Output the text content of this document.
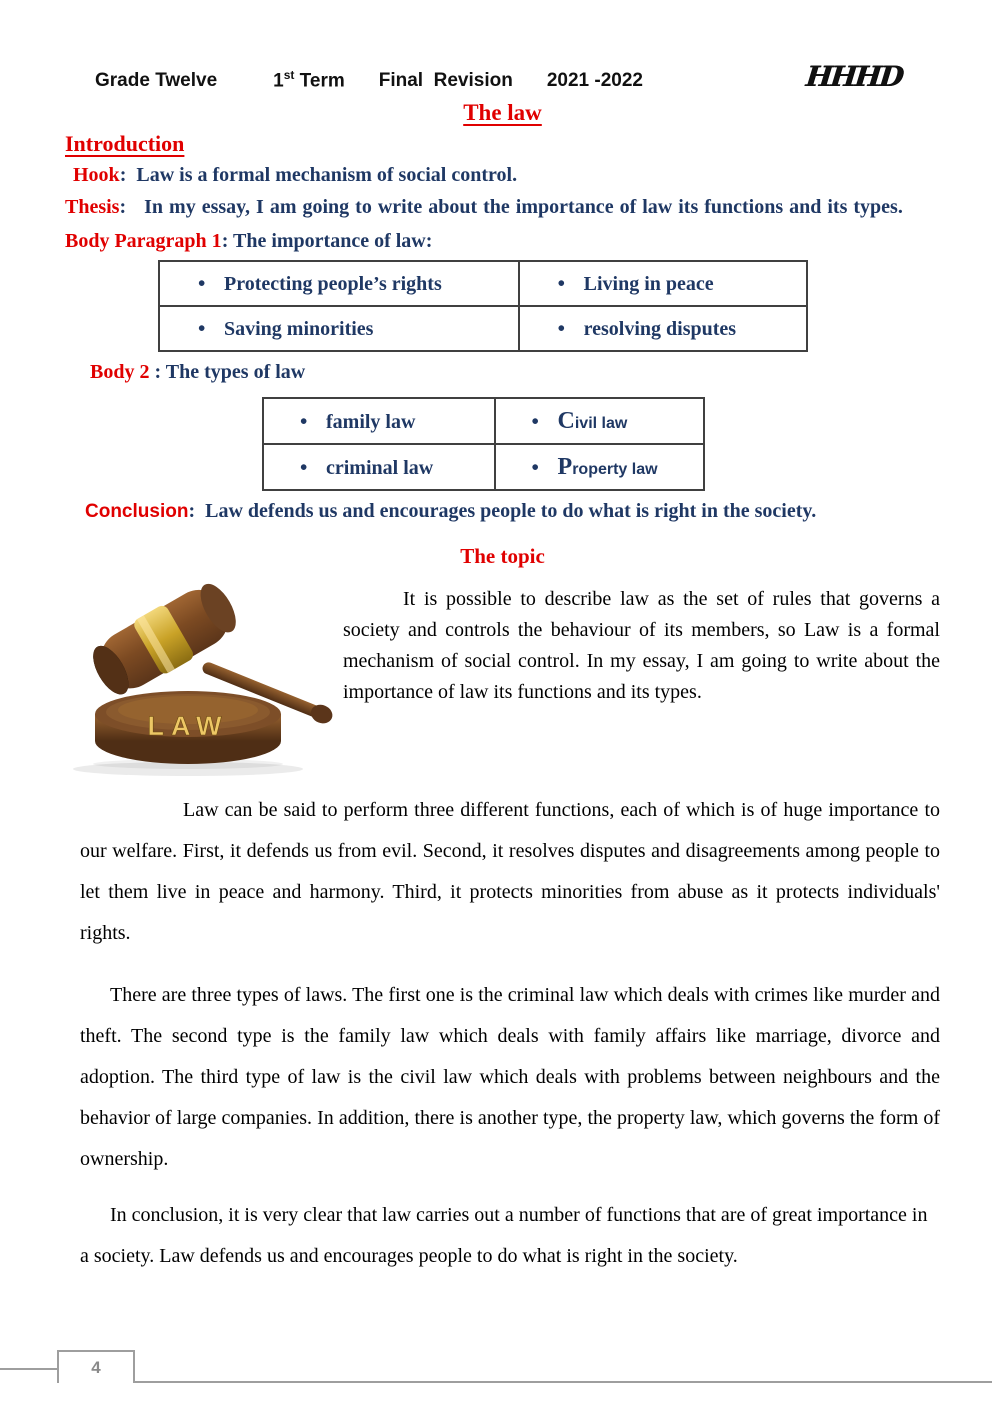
Grade Twelve	1st Term Final  Revision 2021 -2022	HHHD
The law
Introduction
Hook:  Law is a formal mechanism of social control.
Thesis:   In my essay, I am going to write about the importance of law its functions and its types.
Body Paragraph 1: The importance of law:
• Protecting people’s rights	• Living in peace
• Saving minorities	• resolving disputes
Body 2 : The types of law
• family law	• Civil law
• criminal law	• Property law
Conclusion:  Law defends us and encourages people to do what is right in the society.
The topic
LAW

It is possible to describe law as the set of rules that governs a society and controls the behaviour of its members, so Law is a formal mechanism of social control. In my essay, I am going to write about the importance of law its functions and its types.

Law can be said to perform three different functions, each of which is of huge importance to our welfare. First, it defends us from evil. Second, it resolves disputes and disagreements among people to let them live in peace and harmony. Third, it protects minorities from abuse as it protects individuals' rights.

There are three types of laws. The first one is the criminal law which deals with crimes like murder and theft. The second type is the family law which deals with family affairs like marriage, divorce and adoption. The third type of law is the civil law which deals with problems between neighbours and the behavior of large companies. In addition, there is another type, the property law, which governs the form of ownership.

In conclusion, it is very clear that law carries out a number of functions that are of great importance in a society. Law defends us and encourages people to do what is right in the society.

4
